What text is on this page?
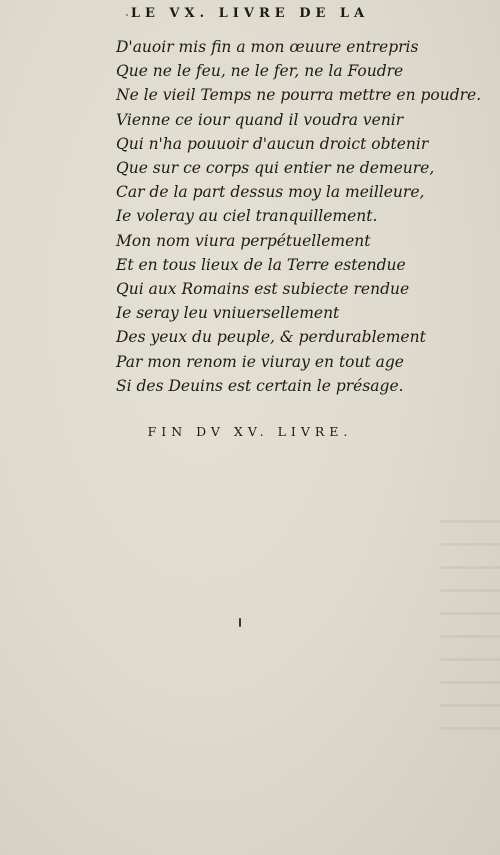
LE VX. LIVRE DE LA
D'auoir mis fin a mon œuure entrepris
Que ne le feu, ne le fer, ne la Foudre
Ne le vieil Temps ne pourra mettre en poudre.
Vienne ce iour quand il voudra venir
Qui n'ha pouuoir d'aucun droict obtenir
Que sur ce corps qui entier ne demeure,
Car de la part dessus moy la meilleure,
Ie voleray au ciel tranquillement.
Mon nom viura perpétuellement
Et en tous lieux de la Terre estendue
Qui aux Romains est subiecte rendue
Ie seray leu vniuersellement
Des yeux du peuple, & perdurablement
Par mon renom ie viuray en tout age
Si des Deuins est certain le présage.
FIN DV XV. LIVRE.
